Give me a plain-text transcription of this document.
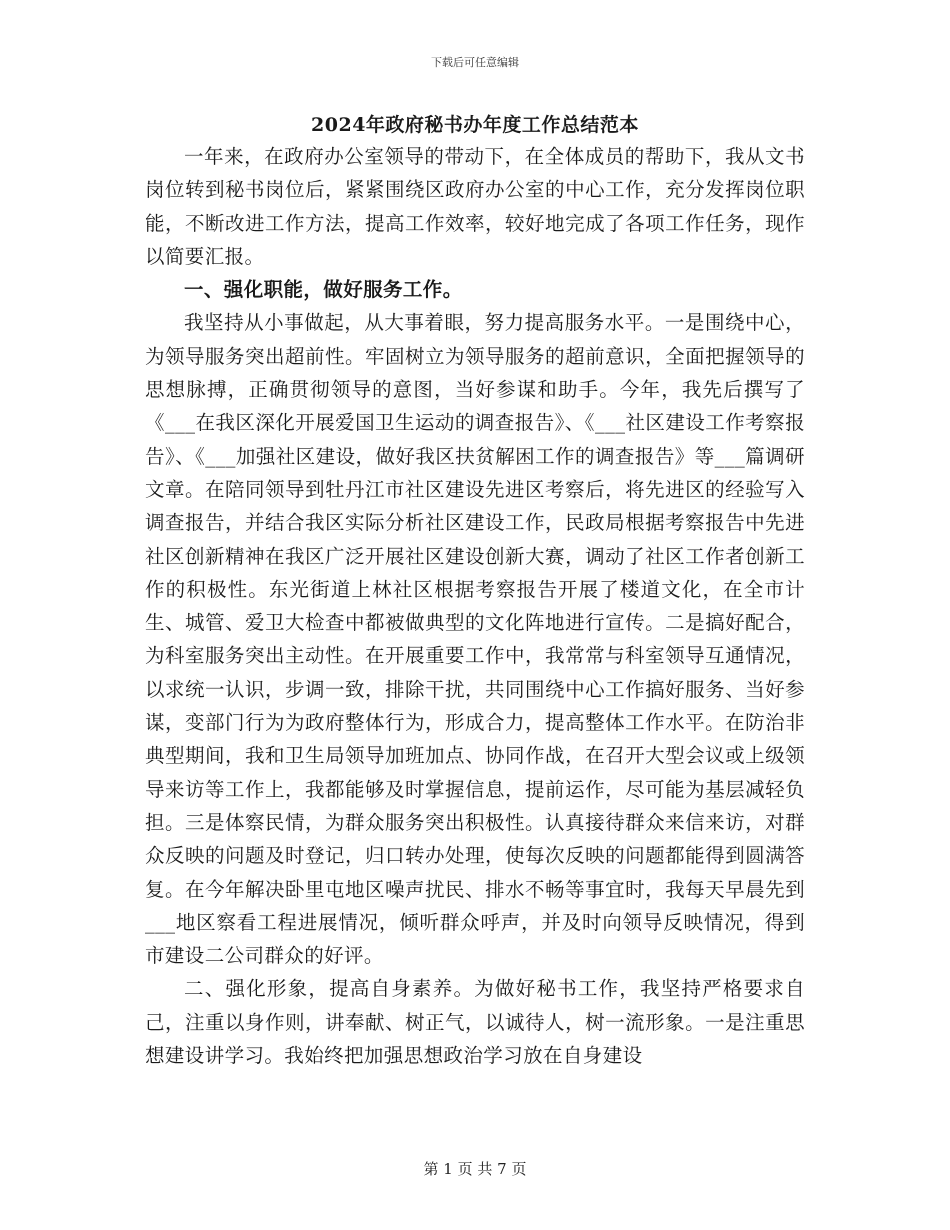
下载后可任意编辑
2024年政府秘书办年度工作总结范本

一年来，在政府办公室领导的带动下，在全体成员的帮助下，我从文书岗位转到秘书岗位后，紧紧围绕区政府办公室的中心工作，充分发挥岗位职能，不断改进工作方法，提高工作效率，较好地完成了各项工作任务，现作以简要汇报。

一、强化职能，做好服务工作。

我坚持从小事做起，从大事着眼，努力提高服务水平。一是围绕中心，为领导服务突出超前性。牢固树立为领导服务的超前意识，全面把握领导的思想脉搏，正确贯彻领导的意图，当好参谋和助手。今年，我先后撰写了《___在我区深化开展爱国卫生运动的调查报告》、《___社区建设工作考察报告》、《___加强社区建设，做好我区扶贫解困工作的调查报告》等___篇调研文章。在陪同领导到牡丹江市社区建设先进区考察后，将先进区的经验写入调查报告，并结合我区实际分析社区建设工作，民政局根据考察报告中先进社区创新精神在我区广泛开展社区建设创新大赛，调动了社区工作者创新工作的积极性。东光街道上林社区根据考察报告开展了楼道文化，在全市计生、城管、爱卫大检查中都被做典型的文化阵地进行宣传。二是搞好配合，为科室服务突出主动性。在开展重要工作中，我常常与科室领导互通情况，以求统一认识，步调一致，排除干扰，共同围绕中心工作搞好服务、当好参谋，变部门行为为政府整体行为，形成合力，提高整体工作水平。在防治非典型期间，我和卫生局领导加班加点、协同作战，在召开大型会议或上级领导来访等工作上，我都能够及时掌握信息，提前运作，尽可能为基层减轻负担。三是体察民情，为群众服务突出积极性。认真接待群众来信来访，对群众反映的问题及时登记，归口转办处理，使每次反映的问题都能得到圆满答复。在今年解决卧里屯地区噪声扰民、排水不畅等事宜时，我每天早晨先到___地区察看工程进展情况，倾听群众呼声，并及时向领导反映情况，得到市建设二公司群众的好评。

二、强化形象，提高自身素养。为做好秘书工作，我坚持严格要求自己，注重以身作则，讲奉献、树正气，以诚待人，树一流形象。一是注重思想建设讲学习。我始终把加强思想政治学习放在自身建设

第 1 页 共 7 页
